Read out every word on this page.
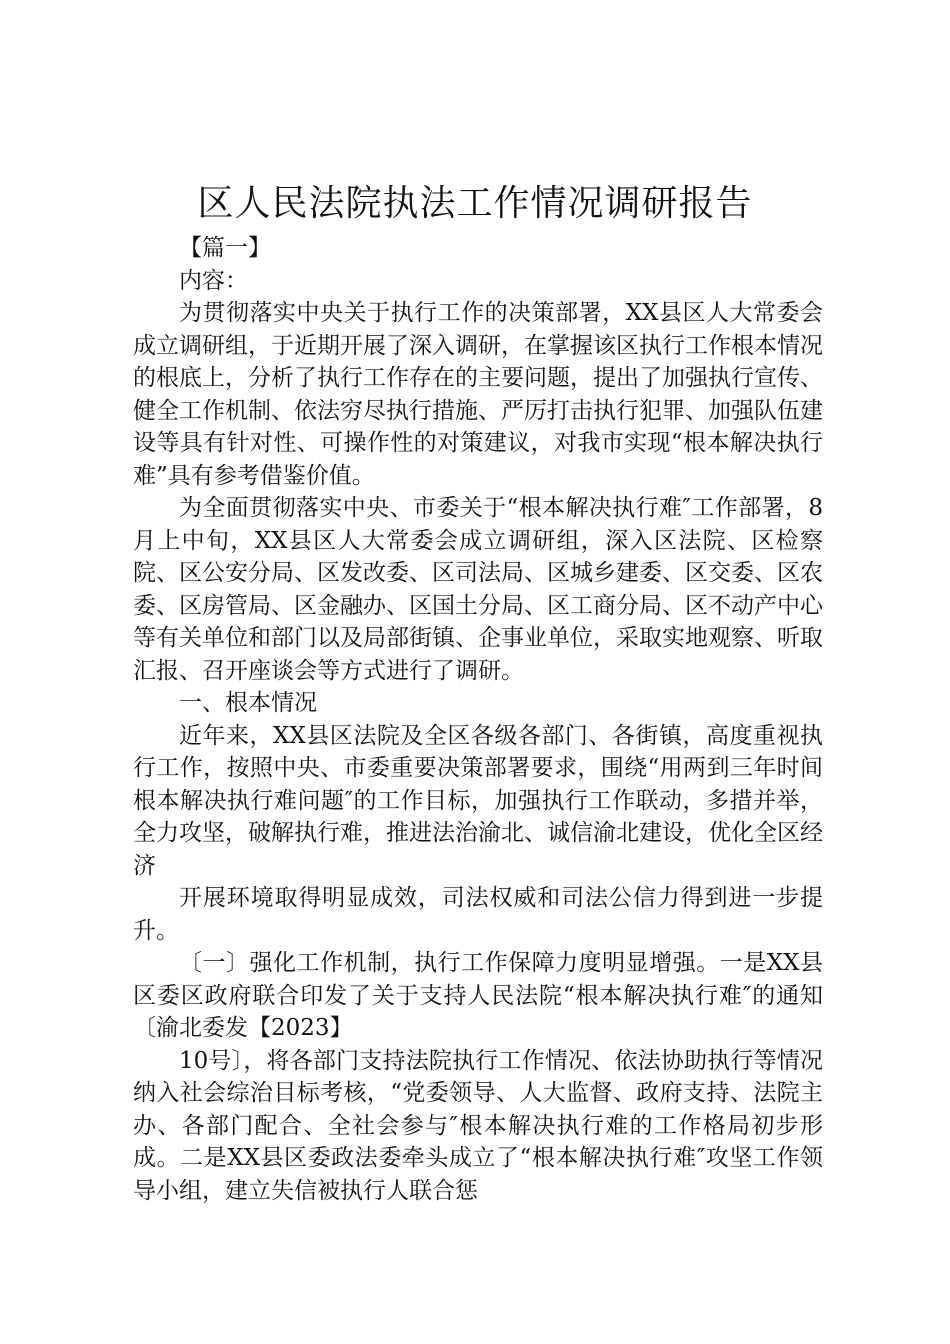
区人民法院执法工作情况调研报告

【篇一】

内容：

为贯彻落实中央关于执行工作的决策部署，XX县区人大常委会成立调研组，于近期开展了深入调研，在掌握该区执行工作根本情况的根底上，分析了执行工作存在的主要问题，提出了加强执行宣传、健全工作机制、依法穷尽执行措施、严厉打击执行犯罪、加强队伍建设等具有针对性、可操作性的对策建议，对我市实现“根本解决执行难”具有参考借鉴价值。

为全面贯彻落实中央、市委关于“根本解决执行难″工作部署，8月上中旬，XX县区人大常委会成立调研组，深入区法院、区检察院、区公安分局、区发改委、区司法局、区城乡建委、区交委、区农委、区房管局、区金融办、区国土分局、区工商分局、区不动产中心等有关单位和部门以及局部街镇、企事业单位，采取实地观察、听取汇报、召开座谈会等方式进行了调研。

一、根本情况

近年来，XX县区法院及全区各级各部门、各街镇，高度重视执行工作，按照中央、市委重要决策部署要求，围绕“用两到三年时间根本解决执行难问题″的工作目标，加强执行工作联动，多措并举，全力攻坚，破解执行难，推进法治渝北、诚信渝北建设，优化全区经济

开展环境取得明显成效，司法权威和司法公信力得到进一步提升。

〔一〕强化工作机制，执行工作保障力度明显增强。一是XX县区委区政府联合印发了关于支持人民法院“根本解决执行难″的通知〔渝北委发【2023】

10号〕，将各部门支持法院执行工作情况、依法协助执行等情况纳入社会综治目标考核，“党委领导、人大监督、政府支持、法院主办、各部门配合、全社会参与″根本解决执行难的工作格局初步形成。二是XX县区委政法委牵头成立了“根本解决执行难″攻坚工作领导小组，建立失信被执行人联合惩
